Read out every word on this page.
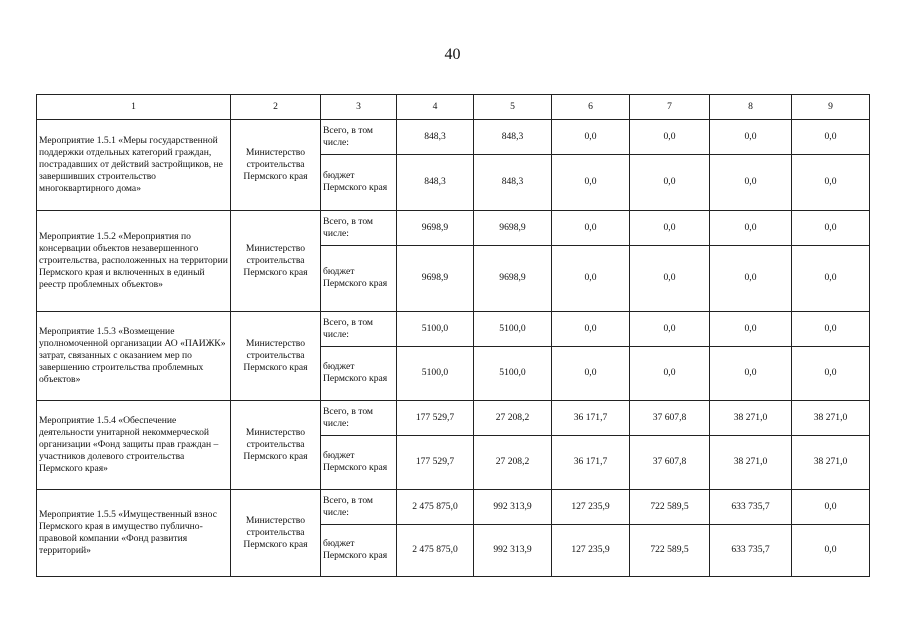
40
1	2	3	4	5	6	7	8	9
Мероприятие 1.5.1 «Меры государственной поддержки отдельных категорий граждан, пострадавших от действий застройщиков, не завершивших строительство многоквартирного дома»	Министерство строительства Пермского края	Всего, в том числе:	848,3	848,3	0,0	0,0	0,0	0,0
		бюджет Пермского края	848,3	848,3	0,0	0,0	0,0	0,0
Мероприятие 1.5.2 «Мероприятия по консервации объектов незавершенного строительства, расположенных на территории Пермского края и включенных в единый реестр проблемных объектов»	Министерство строительства Пермского края	Всего, в том числе:	9698,9	9698,9	0,0	0,0	0,0	0,0
		бюджет Пермского края	9698,9	9698,9	0,0	0,0	0,0	0,0
Мероприятие 1.5.3 «Возмещение уполномоченной организации АО «ПАИЖК» затрат, связанных с оказанием мер по завершению строительства проблемных объектов»	Министерство строительства Пермского края	Всего, в том числе:	5100,0	5100,0	0,0	0,0	0,0	0,0
		бюджет Пермского края	5100,0	5100,0	0,0	0,0	0,0	0,0
Мероприятие 1.5.4 «Обеспечение деятельности унитарной некоммерческой организации «Фонд защиты прав граждан – участников долевого строительства Пермского края»	Министерство строительства Пермского края	Всего, в том числе:	177 529,7	27 208,2	36 171,7	37 607,8	38 271,0	38 271,0
		бюджет Пермского края	177 529,7	27 208,2	36 171,7	37 607,8	38 271,0	38 271,0
Мероприятие 1.5.5 «Имущественный взнос Пермского края в имущество публично-правовой компании «Фонд развития территорий»	Министерство строительства Пермского края	Всего, в том числе:	2 475 875,0	992 313,9	127 235,9	722 589,5	633 735,7	0,0
		бюджет Пермского края	2 475 875,0	992 313,9	127 235,9	722 589,5	633 735,7	0,0
